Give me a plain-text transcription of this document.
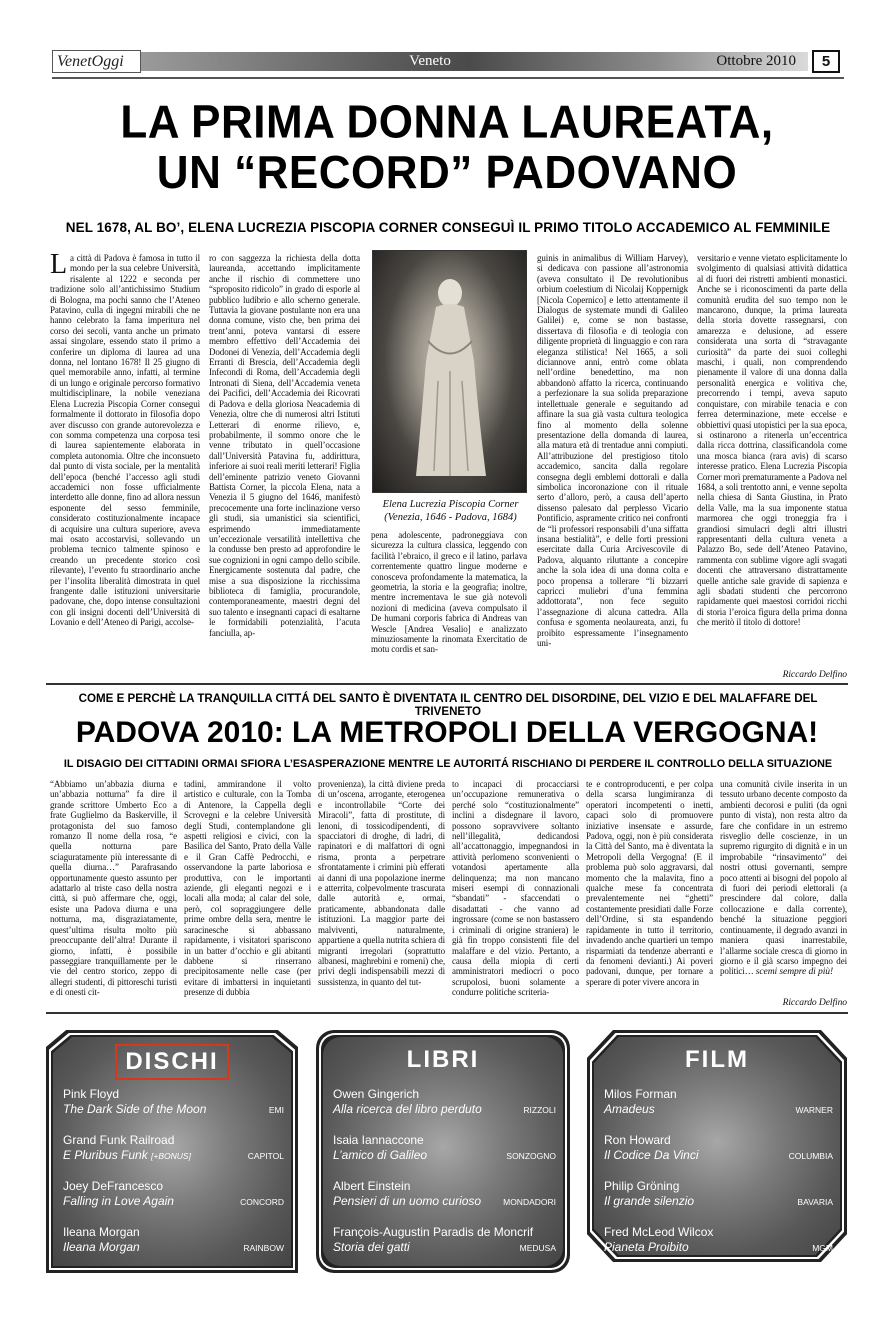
VenetOggi	Veneto	Ottobre 2010	5
LA PRIMA DONNA LAUREATA,
UN “RECORD” PADOVANO
NEL 1678, AL BO’, ELENA LUCREZIA PISCOPIA CORNER CONSEGUÌ IL PRIMO TITOLO ACCADEMICO AL FEMMINILE

La città di Padova è famosa in tutto il mondo per la sua celebre Università, risalente al 1222 e seconda per tradizione solo all’antichissimo Studium di Bologna, ma pochi sanno che l’Ateneo Patavino, culla di ingegni mirabili che ne hanno celebrato la fama imperitura nel corso dei secoli, vanta anche un primato assai singolare, essendo stato il primo a conferire un diploma di laurea ad una donna, nel lontano 1678! Il 25 giugno di quel memorabile anno, infatti, al termine di un lungo e originale percorso formativo multidisciplinare, la nobile veneziana Elena Lucrezia Piscopia Corner conseguì formalmente il dottorato in filosofia dopo aver discusso con grande autorevolezza e con somma competenza una corposa tesi di laurea sapientemente elaborata in completa autonomia. Oltre che inconsueto dal punto di vista sociale, per la mentalità dell’epoca (benché l’accesso agli studi accademici non fosse ufficialmente interdetto alle donne, fino ad allora nessun esponente del sesso femminile, considerato costituzionalmente incapace di acquisire una cultura superiore, aveva mai osato accostarvisi, sollevando un problema tecnico talmente spinoso e creando un precedente storico così rilevante), l’evento fu straordinario anche per l’insolita liberalità dimostrata in quel frangente dalle istituzioni universitarie padovane, che, dopo intense consultazioni con gli insigni docenti dell’Università di Lovanio e dell’Ateneo di Parigi, accolse-

ro con saggezza la richiesta della dotta laureanda, accettando implicitamente anche il rischio di commettere uno “sproposito ridicolo” in grado di esporle al pubblico ludibrio e allo scherno generale. Tuttavia la giovane postulante non era una donna comune, visto che, ben prima dei trent’anni, poteva vantarsi di essere membro effettivo dell’Accademia dei Dodonei di Venezia, dell’Accademia degli Erranti di Brescia, dell’Accademia degli Infecondi di Roma, dell’Accademia degli Intronati di Siena, dell’Accademia veneta dei Pacifici, dell’Accademia dei Ricovrati di Padova e della gloriosa Neacademia di Venezia, oltre che di numerosi altri Istituti Letterari di enorme rilievo, e, probabilmente, il sommo onore che le venne tributato in quell’occasione dall’Università Patavina fu, addirittura, inferiore ai suoi reali meriti letterari! Figlia dell’eminente patrizio veneto Giovanni Battista Corner, la piccola Elena, nata a Venezia il 5 giugno del 1646, manifestò precocemente una forte inclinazione verso gli studi, sia umanistici sia scientifici, esprimendo immediatamente un’eccezionale versatilità intellettiva che la condusse ben presto ad approfondire le sue cognizioni in ogni campo dello scibile. Energicamente sostenuta dal padre, che mise a sua disposizione la ricchissima biblioteca di famiglia, procurandole, contemporaneamente, maestri degni del suo talento e insegnanti capaci di esaltarne le formidabili potenzialità, l’acuta fanciulla, ap-

pena adolescente, padroneggiava con sicurezza la cultura classica, leggendo con facilità l’ebraico, il greco e il latino, parlava correntemente quattro lingue moderne e conosceva profondamente la matematica, la geometria, la storia e la geografia; inoltre, mentre incrementava le sue già notevoli nozioni di medicina (aveva compulsato il De humani corporis fabrica di Andreas van Wescle [Andrea Vesalio] e analizzato minuziosamente la rinomata Exercitatio de motu cordis et san-

guinis in animalibus di William Harvey), si dedicava con passione all’astronomia (aveva consultato il De revolutionibus orbium coelestium di Nicolaij Koppernigk [Nicola Copernico] e letto attentamente il Dialogus de systemate mundi di Galileo Galilei) e, come se non bastasse, dissertava di filosofia e di teologia con diligente proprietà di linguaggio e con rara eleganza stilistica! Nel 1665, a soli diciannove anni, entrò come oblata nell’ordine benedettino, ma non abbandonò affatto la ricerca, continuando a perfezionare la sua solida preparazione intellettuale generale e seguitando ad affinare la sua già vasta cultura teologica fino al momento della solenne presentazione della domanda di laurea, alla matura età di trentadue anni compiuti. All’attribuzione del prestigioso titolo accademico, sancita dalla regolare consegna degli emblemi dottorali e dalla simbolica incoronazione con il rituale serto d’alloro, però, a causa dell’aperto dissenso palesato dal perplesso Vicario Pontificio, aspramente critico nei confronti de “li professori responsabili d’una siffatta insana bestialità”, e delle forti pressioni esercitate dalla Curia Arcivescovile di Padova, alquanto riluttante a concepire anche la sola idea di una donna colta e poco propensa a tollerare “li bizzarri capricci muliebri d’una femmina addottorata”, non fece seguito l’assegnazione di alcuna cattedra. Alla confusa e sgomenta neolaureata, anzi, fu proibito espressamente l’insegnamento uni-

versitario e venne vietato esplicitamente lo svolgimento di qualsiasi attività didattica al di fuori dei ristretti ambienti monastici. Anche se i riconoscimenti da parte della comunità erudita del suo tempo non le mancarono, dunque, la prima laureata della storia dovette rassegnarsi, con amarezza e delusione, ad essere considerata una sorta di “stravagante curiosità” da parte dei suoi colleghi maschi, i quali, non comprendendo pienamente il valore di una donna dalla personalità energica e volitiva che, precorrendo i tempi, aveva saputo conquistare, con mirabile tenacia e con ferrea determinazione, mete eccelse e obbiettivi quasi utopistici per la sua epoca, si ostinarono a ritenerla un’eccentrica dalla ricca dottrina, classificandola come una mosca bianca (rara avis) di scarso interesse pratico. Elena Lucrezia Piscopia Corner morì prematuramente a Padova nel 1684, a soli trentotto anni, e venne sepolta nella chiesa di Santa Giustina, in Prato della Valle, ma la sua imponente statua marmorea che oggi troneggia fra i grandiosi simulacri degli altri illustri rappresentanti della cultura veneta a Palazzo Bo, sede dell’Ateneo Patavino, rammenta con sublime vigore agli svagati docenti che attraversano distrattamente quelle antiche sale gravide di sapienza e agli sbadati studenti che percorrono rapidamente quei maestosi corridoi ricchi di storia l’eroica figura della prima donna che meritò il titolo di dottore!

Riccardo Delfino

Elena Lucrezia Piscopia Corner
(Venezia, 1646 - Padova, 1684)
COME E PERCHÈ LA TRANQUILLA CITTÁ DEL SANTO È DIVENTATA IL CENTRO DEL DISORDINE, DEL VIZIO E DEL MALAFFARE DEL TRIVENETO
PADOVA 2010: LA METROPOLI DELLA VERGOGNA!
IL DISAGIO DEI CITTADINI ORMAI SFIORA L’ESASPERAZIONE MENTRE LE AUTORITÁ RISCHIANO DI PERDERE IL CONTROLLO DELLA SITUAZIONE

“Abbiamo un’abbazia diurna e un’abbazia notturna” fa dire il grande scrittore Umberto Eco a frate Guglielmo da Baskerville, il protagonista del suo famoso romanzo Il nome della rosa, “e quella notturna pare sciaguratamente più interessante di quella diurna…” Parafrasando opportunamente questo assunto per adattarlo al triste caso della nostra città, si può affermare che, oggi, esiste una Padova diurna e una notturna, ma, disgraziatamente, quest’ultima risulta molto più preoccupante dell’altra! Durante il giorno, infatti, è possibile passeggiare tranquillamente per le vie del centro storico, zeppo di allegri studenti, di pittoreschi turisti e di onesti cit-

tadini, ammirandone il volto artistico e culturale, con la Tomba di Antenore, la Cappella degli Scrovegni e la celebre Università degli Studi, contemplandone gli aspetti religiosi e civici, con la Basilica del Santo, Prato della Valle e il Gran Caffè Pedrocchi, e osservandone la parte laboriosa e produttiva, con le importanti aziende, gli eleganti negozi e i locali alla moda; al calar del sole, però, col sopraggiungere delle prime ombre della sera, mentre le saracinesche si abbassano rapidamente, i visitatori spariscono in un batter d’occhio e gli abitanti dabbene si rinserrano precipitosamente nelle case (per evitare di imbattersi in inquietanti presenze di dubbia

provenienza), la città diviene preda di un’oscena, arrogante, eterogenea e incontrollabile “Corte dei Miracoli”, fatta di prostitute, di lenoni, di tossicodipendenti, di spacciatori di droghe, di ladri, di rapinatori e di malfattori di ogni risma, pronta a perpetrare sfrontatamente i crimini più efferati ai danni di una popolazione inerme e atterrita, colpevolmente trascurata dalle autorità e, ormai, praticamente, abbandonata dalle istituzioni. La maggior parte dei malviventi, naturalmente, appartiene a quella nutrita schiera di migranti irregolari (soprattutto albanesi, maghrebini e romeni) che, privi degli indispensabili mezzi di sussistenza, in quanto del tut-

to incapaci di procacciarsi un’occupazione remunerativa o perché solo “costituzionalmente” inclini a disdegnare il lavoro, possono sopravvivere soltanto nell’illegalità, dedicandosi all’accattonaggio, impegnandosi in attività perlomeno sconvenienti o votandosi apertamente alla delinquenza; ma non mancano miseri esempi di connazionali “sbandati” - sfaccendati o disadattati - che vanno ad ingrossare (come se non bastassero i criminali di origine straniera) le già fin troppo consistenti file del malaffare e del vizio. Pertanto, a causa della miopia di certi amministratori mediocri o poco scrupolosi, buoni solamente a condurre politiche scriteria-

te e controproducenti, e per colpa della scarsa lungimiranza di operatori incompetenti o inetti, capaci solo di promuovere iniziative insensate e assurde, Padova, oggi, non è più considerata la Città del Santo, ma è diventata la Metropoli della Vergogna! (E il problema può solo aggravarsi, dal momento che la malavita, fino a qualche mese fa concentrata prevalentemente nei “ghetti” costantemente presidiati dalle Forze dell’Ordine, si sta espandendo rapidamente in tutto il territorio, invadendo anche quartieri un tempo risparmiati da tendenze aberranti e da fenomeni devianti.) Ai poveri padovani, dunque, per tornare a sperare di poter vivere ancora in

una comunità civile inserita in un tessuto urbano decente composto da ambienti decorosi e puliti (da ogni punto di vista), non resta altro da fare che confidare in un estremo risveglio delle coscienze, in un supremo rigurgito di dignità e in un improbabile “rinsavimento” dei nostri ottusi governanti, sempre poco attenti ai bisogni del popolo al di fuori dei periodi elettorali (a prescindere dal colore, dalla collocazione e dalla corrente), benché la situazione peggiori continuamente, il degrado avanzi in maniera quasi inarrestabile, l’allarme sociale cresca di giorno in giorno e il già scarso impegno dei politici… scemi sempre di più!

Riccardo Delfino

DISCHI
Pink Floyd
The Dark Side of the Moon	EMI
Grand Funk Railroad
E Pluribus Funk [+BONUS]	CAPITOL
Joey DeFrancesco
Falling in Love Again	CONCORD
Ileana Morgan
Ileana Morgan	RAINBOW
LIBRI
Owen Gingerich
Alla ricerca del libro perduto	RIZZOLI
Isaia Iannaccone
L’amico di Galileo	SONZOGNO
Albert Einstein
Pensieri di un uomo curioso	MONDADORI
François-Augustin Paradis de Moncrif
Storia dei gatti	MEDUSA
FILM
Milos Forman
Amadeus	WARNER
Ron Howard
Il Codice Da Vinci	COLUMBIA
Philip Gröning
Il grande silenzio	BAVARIA
Fred McLeod Wilcox
Pianeta Proibito	MGM
